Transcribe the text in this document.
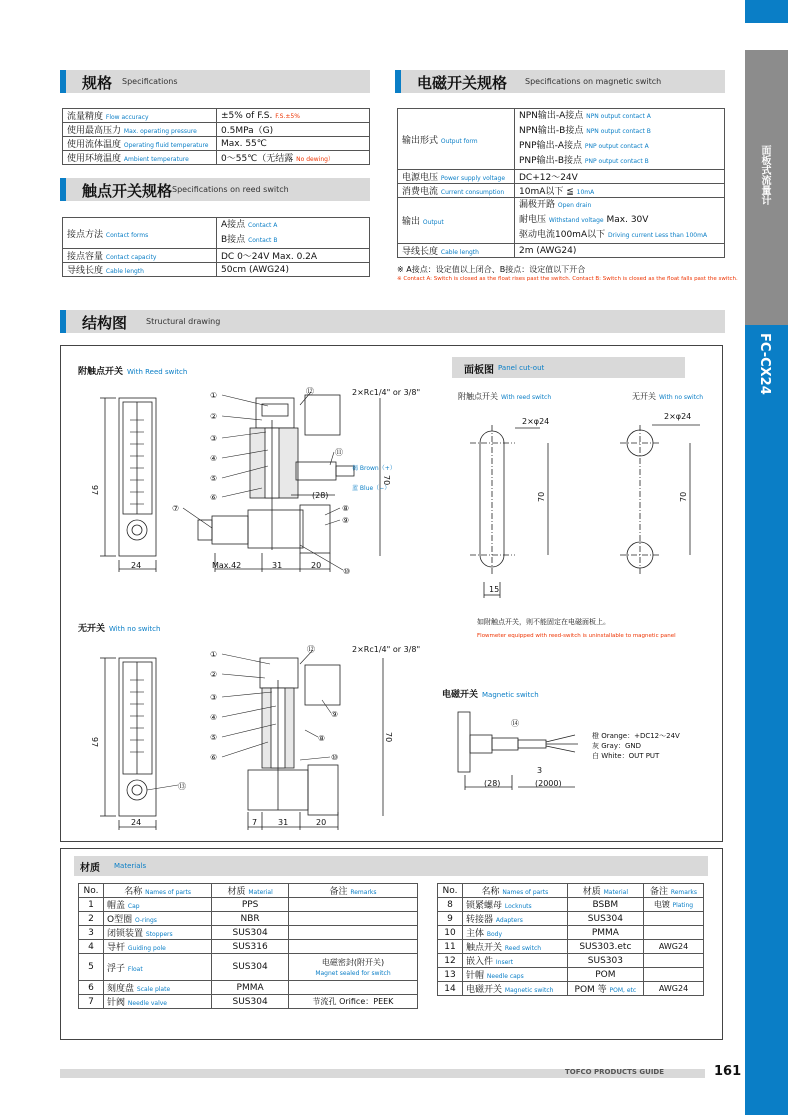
面板式流量计
FC-CX24
规格 Specifications
流量精度 Flow accuracy	±5% of F.S. F.S.±5%
使用最高压力 Max. operating pressure	0.5MPa（G)
使用流体温度 Operating fluid temperature	Max. 55℃
使用环境温度 Ambient temperature	0～55℃（无结露 No dewing）
触点开关规格 Specifications on reed switch
接点方法 Contact forms	A接点 Contact A
B接点 Contact B
接点容量 Contact capacity	DC 0～24V Max. 0.2A
导线长度 Cable length	50cm (AWG24)
电磁开关规格 Specifications on magnetic switch
输出形式 Output form	NPN输出-A接点 NPN output contact A
NPN输出-B接点 NPN output contact B
PNP输出-A接点 PNP output contact A
PNP输出-B接点 PNP output contact B

电源电压 Power supply voltage	DC+12～24V
消费电流 Current consumption	10mA以下 ≦ 10mA
输出 Output	漏极开路 Open drain
耐电压 Withstand voltage Max. 30V
驱动电流100mA以下 Driving current Less than 100mA
导线长度 Cable length	2m (AWG24)
※ A接点：设定值以上闭合、B接点：设定值以下开合
※ Contact A: Switch is closed as the float rises past the switch. Contact B: Switch is closed as the float falls past the switch.
结构图 Structural drawing
附触点开关 With Reed switch
无开关 With no switch
电磁开关 Magnetic switch
面板图 Panel cut-out
2×Rc1/4" or 3/8"
2×Rc1/4" or 3/8"
褐 Brown（+）
蓝 Blue（−）
97
97
70
70
(28)
24
24
Max.42	31	20
7	31	20
①
②
③
④
⑤
⑥
⑦	⑧
⑨
⑩
⑪
⑫
①
②
③
④
⑤
⑥
⑨
⑧
⑩
⑫
⑬
⑭
附触点开关 With reed switch	无开关 With no switch
2×φ24
2×φ24
70	70
15
如附触点开关，则不能固定在电磁面板上。
Flowmeter equipped with reed-switch is uninstallable to magnetic panel
橙 Orange：+DC12～24V
灰 Gray：GND
白 White：OUT PUT
3
(28)	(2000)
材质 Materials
No.	名称 Names of parts	材质 Material	备注 Remarks
1	帽盖 Cap	PPS	
2	O型圈 O-rings	NBR	
3	闭锁装置 Stoppers	SUS304	
4	导杆 Guiding pole	SUS316	
5	浮子 Float	SUS304	电磁密封(附开关)
Magnet sealed for switch
6	刻度盘 Scale plate	PMMA	
7	针阀 Needle valve	SUS304	节流孔 Orifice：PEEK
No.	名称 Names of parts	材质 Material	备注 Remarks
8	锁紧螺母 Locknuts	BSBM	电镀 Plating
9	转接器 Adapters	SUS304	
10	主体 Body	PMMA	
11	触点开关 Reed switch	SUS303.etc	AWG24
12	嵌入件 Insert	SUS303	
13	针帽 Needle caps	POM	
14	电磁开关 Magnetic switch	POM 等 POM, etc	AWG24
TOFCO PRODUCTS GUIDE	161
